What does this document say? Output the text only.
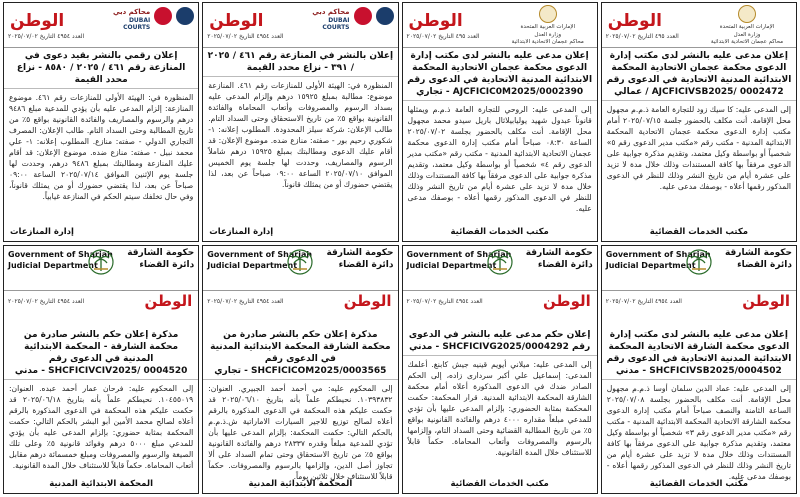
محاكم دبي
DUBAI COURTS
الوطن
العدد ٤٩٥٤ التاريخ ٢٠٢٥/٠٧/٠٢
إعلان رقمي بالنشر بقيد دعوى في المنازعة رقم ٤٦١ / ٢٠٢٥ / ٨٥٨٠ - نزاع محدد القيمة
المنظورة في: الهيئة الأولى للمنازعات رقم ٤٦١. موضوع المنازعة: إلزام المدعى عليه بأن يؤدي للمدعية مبلغ ٩٤٨٦ درهم والرسوم والمصاريف والفائدة القانونية بواقع ٥٪ من تاريخ المطالبة وحتى السداد التام. طالب الإعلان: المصرف التجاري الدولي - صفته: منازع. المطلوب إعلانه: ١- علي محمد نبيل - صفته: منازع ضده. موضوع الإعلان: قد أقام عليك المنازعة ومطالبتك بمبلغ ٩٤٨٦ درهم، وحددت لها جلسة يوم الإثنين الموافق ٢٠٢٥/٠٧/١٤ الساعة ٠٩:٠٠ صباحاً عن بعد، لذا يقتضي حضورك أو من يمثلك قانوناً، وفي حال تخلفك سيتم الحكم في المنازعة غيابياً.
إدارة المنازعات
محاكم دبي
DUBAI COURTS
الوطن
العدد ٤٩٥٤ التاريخ ٢٠٢٥/٠٧/٠٢
إعلان بالنشر في المنازعة رقم ٤٦١ / ٢٠٢٥ / ٣٩١ - نزاع محدد القيمة
المنظورة في: الهيئة الأولى للمنازعات رقم ٤٦١. المنازعة موضوع: مطالبة بمبلغ ١٥٩٢٥ درهم وإلزام المدعى عليه بسداد الرسوم والمصروفات وأتعاب المحاماة والفائدة القانونية بواقع ٥٪ من تاريخ الاستحقاق وحتى السداد التام. طالب الإعلان: شركة سيلز المحدودة. المطلوب إعلانه: ١- شكوري رحيم بور - صفته: منازع ضده. موضوع الإعلان: قد أقام عليك الدعوى ومطالبتك بمبلغ ١٥٩٢٥ درهم شاملاً الرسوم والمصاريف، وحددت لها جلسة يوم الخميس الموافق ٢٠٢٥/٠٧/١٠ الساعة ٠٩:٠٠ صباحاً عن بعد، لذا يقتضي حضورك أو من يمثلك قانوناً.
إدارة المنازعات
الإمارات العربية المتحدة
وزارة العدل
محاكم عجمان الاتحادية الابتدائية
الوطن
العدد ٤٩٥ التاريخ ٢٠٢٥/٠٧/٠٢
إعلان مدعى عليه بالنشر لدى مكتب إدارة الدعوى محكمة عجمان الاتحادية المحكمة الابتدائية المدنية الاتحادية في الدعوى رقم AJCFICIC0M2025/0002390 - تجاري
إلى المدعى عليه: الروحي للتجارة العامة ذ.م.م ويمثلها قانوناً عبدول شهيد يوليابيلاثال باريل سيدو محمد مجهول محل الإقامة. أنت مكلف بالحضور بجلسة ٢٠٢٥/٠٧/٠٢ الساعة ٠٨:٣٠ صباحاً أمام مكتب إدارة الدعوى محكمة عجمان الاتحادية الابتدائية المدنية - مكتب رقم «مكتب مدير الدعوى رقم ٤» شخصياً أو بواسطة وكيل معتمد، وتقديم مذكرة جوابية على الدعوى مرفقاً بها كافة المستندات وذلك خلال مدة لا تزيد على عشرة أيام من تاريخ النشر وذلك للنظر في الدعوى المذكور رقمها أعلاه - بوصفك مدعى عليه.
مكتب الخدمات القضائية
الإمارات العربية المتحدة
وزارة العدل
محاكم عجمان الاتحادية الابتدائية
الوطن
العدد ٤٩٥ التاريخ ٢٠٢٥/٠٧/٠٢
إعلان مدعى عليه بالنشر لدى مكتب إدارة الدعوى محكمة عجمان الاتحادية المحكمة الابتدائية المدنية الاتحادية في الدعوى رقم AJCFICIVSB2025/ 0002472 / عمالي
إلى المدعى عليه: كا سيك زود للتجارة العامة ذ.م.م مجهول محل الإقامة. أنت مكلف بالحضور جلسة ٢٠٢٥/٠٧/١٥ أمام مكتب إدارة الدعوى محكمة عجمان الاتحادية المحكمة الابتدائية المدنية - مكتب رقم «مكتب مدير الدعوى رقم ٥» شخصياً أو بواسطة وكيل معتمد، وتقديم مذكرة جوابية على الدعوى مرفقاً بها كافة المستندات وذلك خلال مدة لا تزيد على عشرة أيام من تاريخ النشر وذلك للنظر في الدعوى المذكور رقمها أعلاه - بوصفك مدعى عليه.
مكتب الخدمات القضائية
Government of Sharjah
Judicial Department
حكومة الشارقة
دائرة القضاء
الوطن
العدد ٤٩٥٤ التاريخ ٢٠٢٥/٠٧/٠٢
مذكرة إعلان حكم بالنشر صادرة من محكمة الشارقة - المحكمة الابتدائية المدنية في الدعوى رقم SHCFICIVCIV2025/ 0004520 - مدني
إلى المحكوم عليه: فرحان عمار أحمد عبده. العنوان: ١٠٤٥٥٠١٩. نحيطكم علماً بأنه بتاريخ ٢٠٢٥/٠٦/١٨ قد حكمت عليكم هذه المحكمة في الدعوى المذكورة بالرقم أعلاه لصالح محمد الأمين أبو البشر بالحكم التالي: حكمت المحكمة بمثابة حضوري: بإلزام المدعى عليه بأن يؤدي للمدعي مبلغ ٥٠٠٠ درهم وفوائد قانونية ٥٪ وعلى تلك الصيغة والرسوم والمصروفات ومبلغ خمسمائة درهم مقابل أتعاب المحاماة. حكماً قابلاً للاستئناف خلال المدة القانونية.
المحكمة الابتدائية المدنية
Government of Sharjah
Judicial Department
حكومة الشارقة
دائرة القضاء
الوطن
العدد ٤٩٥٤ التاريخ ٢٠٢٥/٠٧/٠٢
مذكرة إعلان حكم بالنشر صادرة من محكمة الشارقة المحكمة الابتدائية المدنية في الدعوى رقم SHCFICICOM2025/0003565 - تجاري
إلى المحكوم عليه: مي أحمد أحمد الجبيري. العنوان: ١٠٣٩٣٨٣٢. نحيطكم علماً بأنه بتاريخ ٢٠٢٥/٠٦/١٠ قد حكمت عليكم هذه المحكمة في الدعوى المذكورة بالرقم أعلاه لصالح توزيع للاجير السيارات الاماراتية ش.ذ.م.م بالحكم التالي: حكمت المحكمة: بإلزام المدعى عليها بأن تؤدي للمدعية مبلغاً وقدره ٢٨٣٣٧ درهم والفائدة القانونية بواقع ٥٪ من تاريخ الاستحقاق وحتى تمام السداد على ألا تجاوز أصل الدين، وإلزامها بالرسوم والمصروفات. حكماً قابلاً للاستئناف خلال ثلاثين يوماً.
المحكمة الابتدائية المدنية
Government of Sharjah
Judicial Department
حكومة الشارقة
دائرة القضاء
الوطن
العدد ٤٩٥٤ التاريخ ٢٠٢٥/٠٧/٠٢
إعلان حكم مدعى عليه بالنشر في الدعوى رقم SHCFICIVG2025/0004292 - مدني
إلى المدعى عليه: ميلاني أيويم قينيه جيش كابنغ. أعلمك المدعى: إسماعيل علي أكبر سردارى زاده، إلى الحكم الصادر ضدك في الدعوى المذكورة أعلاه أمام محكمة الشارقة المحكمة الابتدائية المدنية. قرار المحكمة: حكمت المحكمة بمثابة الحضوري: بإلزام المدعى عليها بأن تؤدي للمدعي مبلغاً مقداره ٤٠٠٠ درهم والفائدة القانونية بواقع ٥٪ من تاريخ المطالبة القضائية وحتى السداد التام، وإلزامها بالرسوم والمصروفات وأتعاب المحاماة. حكماً قابلاً للاستئناف خلال المدة القانونية.
مكتب الخدمات القضائية
Government of Sharjah
Judicial Department
حكومة الشارقة
دائرة القضاء
الوطن
العدد ٤٩٥٤ التاريخ ٢٠٢٥/٠٧/٠٢
إعلان مدعى عليه بالنشر لدى مكتب إدارة الدعوى محكمة الشارقة الاتحادية المحكمة الابتدائية المدنية الاتحادية في الدعوى رقم SHCFICIVSB2025/0004502 - مدني
إلى المدعى عليه: عماد الدين سلمان أوسا ذ.م.م مجهول محل الإقامة. أنت مكلف بالحضور بجلسة ٢٠٢٥/٠٧/٠٨ الساعة الثامنة والنصف صباحاً أمام مكتب إدارة الدعوى محكمة الشارقة الاتحادية المحكمة الابتدائية المدنية - مكتب رقم «مكتب مدير الدعوى رقم ٣» شخصياً أو بواسطة وكيل معتمد، وتقديم مذكرة جوابية على الدعوى مرفقاً بها كافة المستندات وذلك خلال مدة لا تزيد على عشرة أيام من تاريخ النشر وذلك للنظر في الدعوى المذكور رقمها أعلاه - بوصفك مدعى عليه.
مكتب الخدمات القضائية
